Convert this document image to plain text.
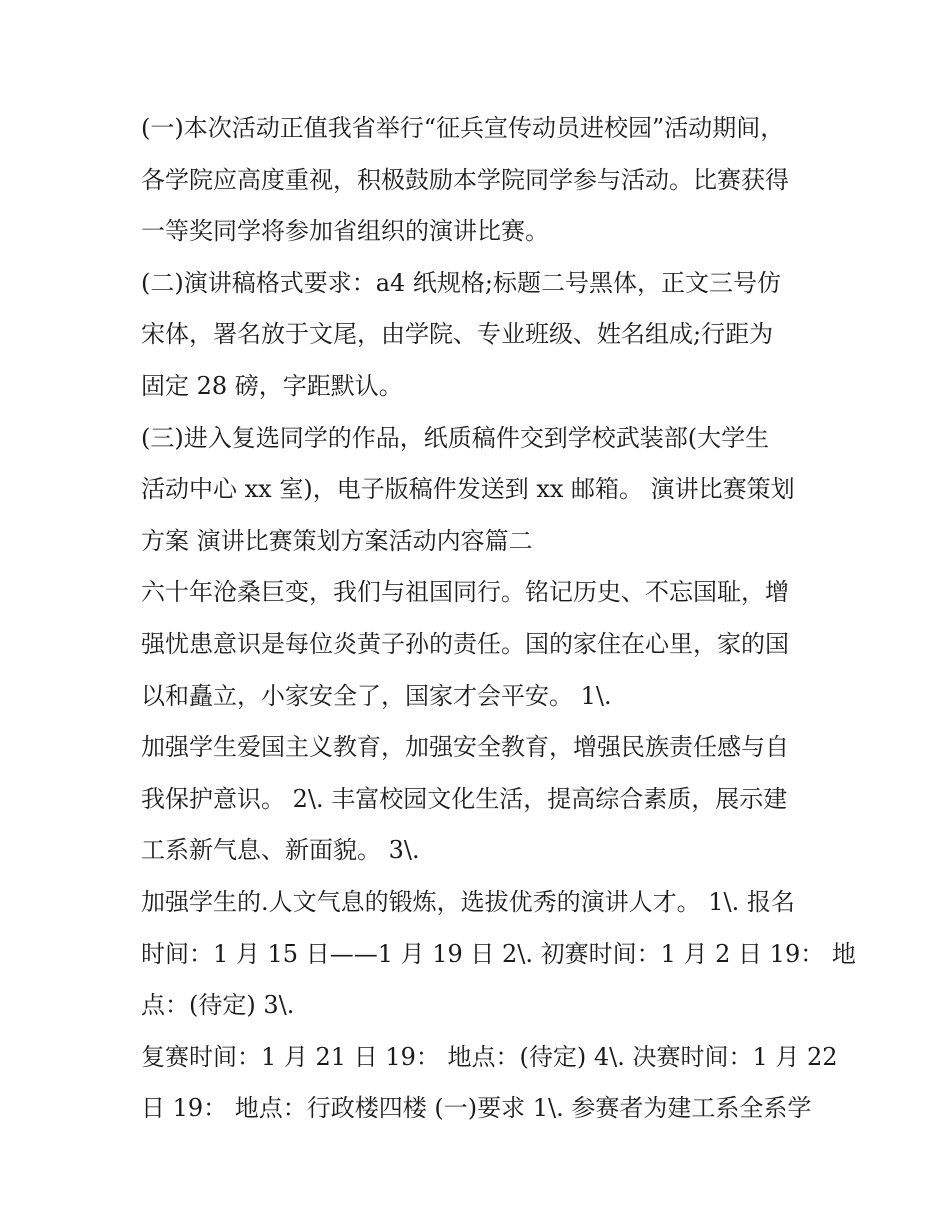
(一)本次活动正值我省举行“征兵宣传动员进校园”活动期间，

各学院应高度重视，积极鼓励本学院同学参与活动。比赛获得

一等奖同学将参加省组织的演讲比赛。

(二)演讲稿格式要求：a4 纸规格;标题二号黑体，正文三号仿

宋体，署名放于文尾，由学院、专业班级、姓名组成;行距为

固定 28 磅，字距默认。

(三)进入复选同学的作品，纸质稿件交到学校武装部(大学生

活动中心 xx 室)，电子版稿件发送到 xx 邮箱。 演讲比赛策划

方案 演讲比赛策划方案活动内容篇二

六十年沧桑巨变，我们与祖国同行。铭记历史、不忘国耻，增

强忧患意识是每位炎黄子孙的责任。国的家住在心里，家的国

以和矗立，小家安全了，国家才会平安。 1\.

加强学生爱国主义教育，加强安全教育，增强民族责任感与自

我保护意识。 2\. 丰富校园文化生活，提高综合素质，展示建

工系新气息、新面貌。 3\.

加强学生的.人文气息的锻炼，选拔优秀的演讲人才。 1\. 报名

时间：1 月 15 日——1 月 19 日 2\. 初赛时间：1 月 2 日 19： 地

点：(待定) 3\.

复赛时间：1 月 21 日 19： 地点：(待定) 4\. 决赛时间：1 月 22

日 19： 地点：行政楼四楼 (一)要求 1\. 参赛者为建工系全系学
